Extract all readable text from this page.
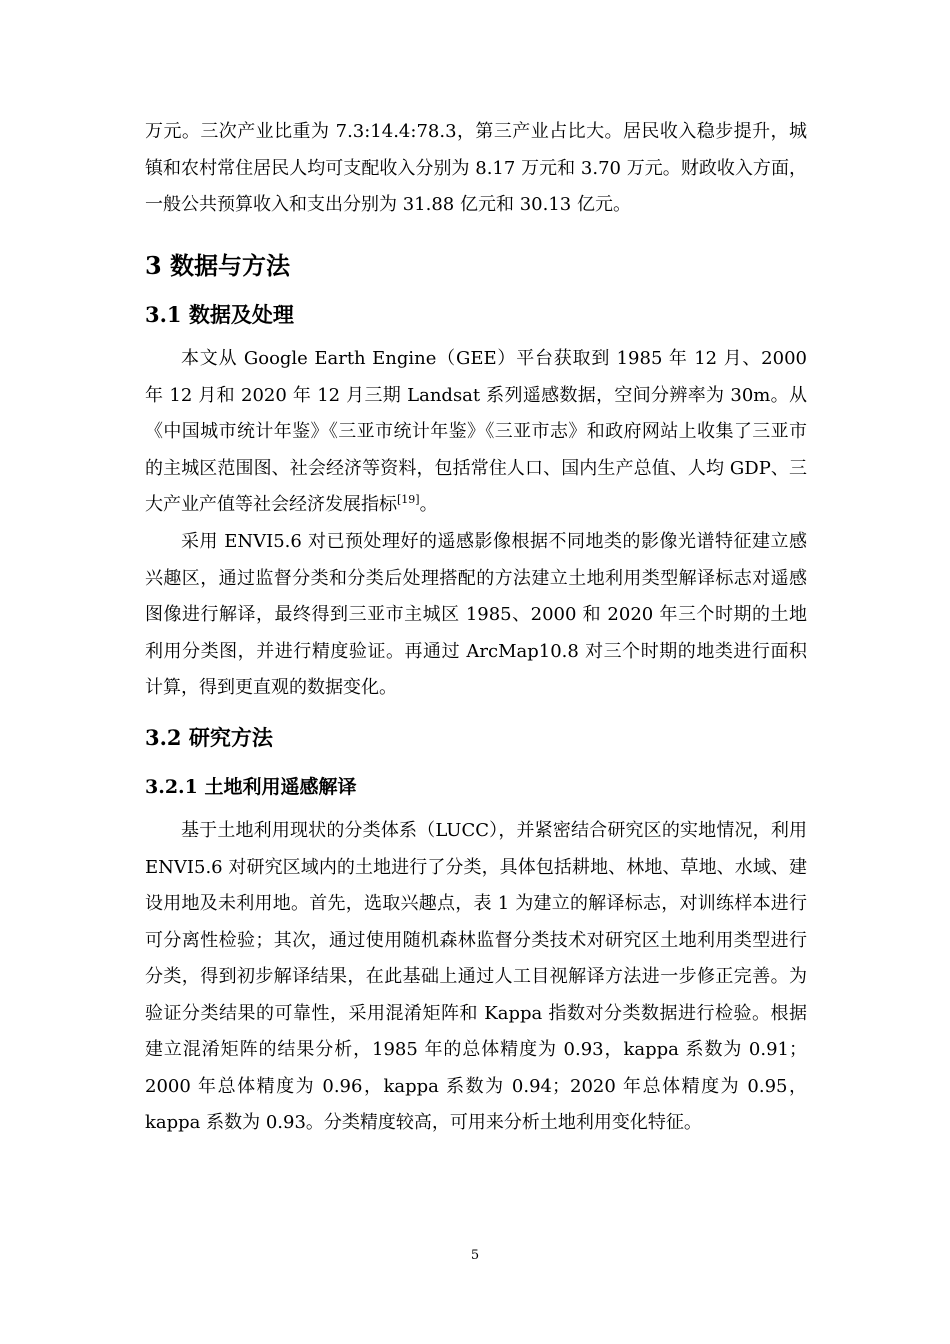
万元。三次产业比重为 7.3:14.4:78.3，第三产业占比大。居民收入稳步提升，城镇和农村常住居民人均可支配收入分别为 8.17 万元和 3.70 万元。财政收入方面，一般公共预算收入和支出分别为 31.88 亿元和 30.13 亿元。

3 数据与方法
3.1 数据及处理

本文从 Google Earth Engine（GEE）平台获取到 1985 年 12 月、2000 年 12 月和 2020 年 12 月三期 Landsat 系列遥感数据，空间分辨率为 30m。从《中国城市统计年鉴》《三亚市统计年鉴》《三亚市志》和政府网站上收集了三亚市的主城区范围图、社会经济等资料，包括常住人口、国内生产总值、人均 GDP、三大产业产值等社会经济发展指标[19]。

采用 ENVI5.6 对已预处理好的遥感影像根据不同地类的影像光谱特征建立感兴趣区，通过监督分类和分类后处理搭配的方法建立土地利用类型解译标志对遥感图像进行解译，最终得到三亚市主城区 1985、2000 和 2020 年三个时期的土地利用分类图，并进行精度验证。再通过 ArcMap10.8 对三个时期的地类进行面积计算，得到更直观的数据变化。

3.2 研究方法
3.2.1 土地利用遥感解译

基于土地利用现状的分类体系（LUCC），并紧密结合研究区的实地情况，利用 ENVI5.6 对研究区域内的土地进行了分类，具体包括耕地、林地、草地、水域、建设用地及未利用地。首先，选取兴趣点，表 1 为建立的解译标志，对训练样本进行可分离性检验；其次，通过使用随机森林监督分类技术对研究区土地利用类型进行分类，得到初步解译结果，在此基础上通过人工目视解译方法进一步修正完善。为验证分类结果的可靠性，采用混淆矩阵和 Kappa 指数对分类数据进行检验。根据建立混淆矩阵的结果分析，1985 年的总体精度为 0.93，kappa 系数为 0.91；2000 年总体精度为 0.96，kappa 系数为 0.94；2020 年总体精度为 0.95，kappa 系数为 0.93。分类精度较高，可用来分析土地利用变化特征。

5
